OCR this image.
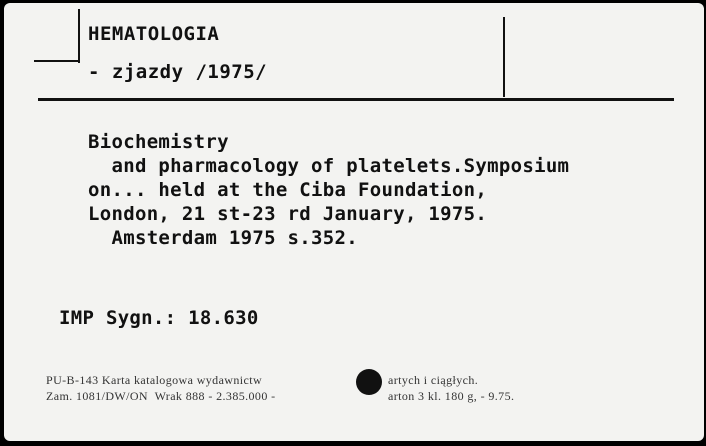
HEMATOLOGIA
- zjazdy /1975/
Biochemistry
and pharmacology of platelets.Symposium
on... held at the Ciba Foundation,
London, 21 st-23 rd January, 1975.
Amsterdam 1975 s.352.
IMP Sygn.: 18.630
PU-B-143 Karta katalogowa wydawnictw	artych i ciągłych.
Zam. 1081/DW/ON  Wrak 888 - 2.385.000 -	arton 3 kl. 180 g, - 9.75.
